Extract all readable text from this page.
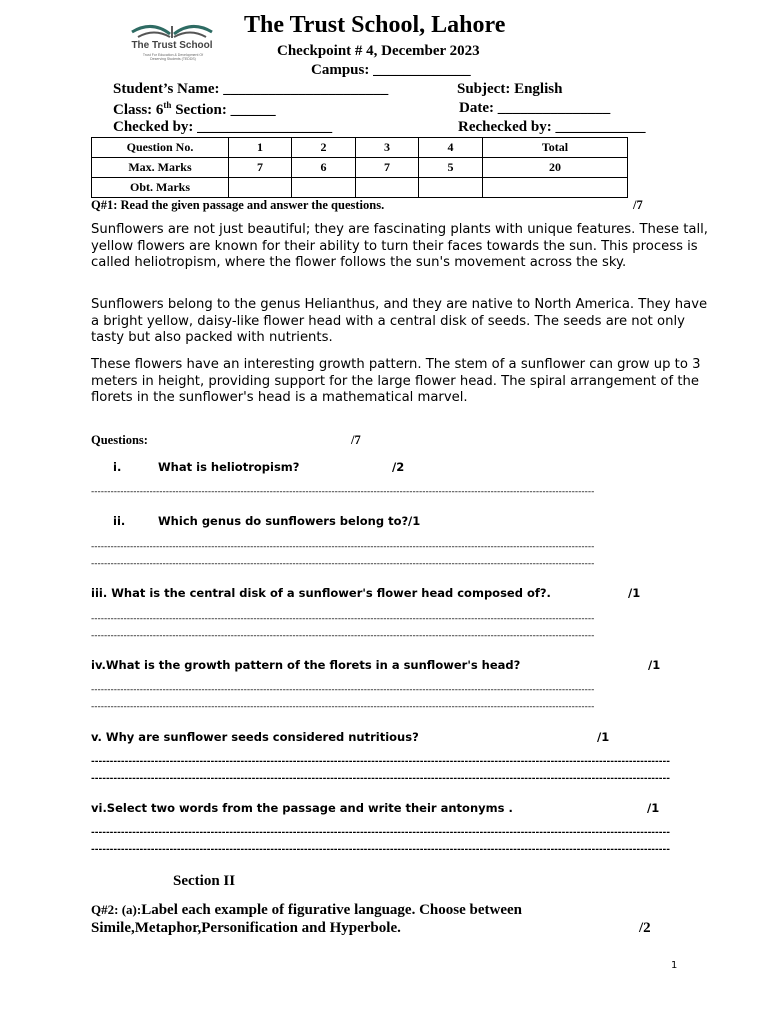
The Trust School
Trust For Education & Development Of Deserving Students (TEDDS)
The Trust School, Lahore
Checkpoint # 4, December 2023
Campus: _____________
Student’s Name: ______________________	Subject: English
Class: 6th Section: ______	Date: _______________
Checked by: __________________	Rechecked by: ____________
Question No.	1	2	3	4	Total
Max. Marks	7	6	7	5	20
Obt. Marks					
Q#1: Read the given passage and answer the questions.	/7
Sunflowers are not just beautiful; they are fascinating plants with unique features. These tall, yellow flowers are known for their ability to turn their faces towards the sun. This process is called heliotropism, where the flower follows the sun's movement across the sky.
Sunflowers belong to the genus Helianthus, and they are native to North America. They have a bright yellow, daisy-like flower head with a central disk of seeds. The seeds are not only tasty but also packed with nutrients.
These flowers have an interesting growth pattern. The stem of a sunflower can grow up to 3 meters in height, providing support for the large flower head. The spiral arrangement of the florets in the sunflower's head is a mathematical marvel.
Questions:	/7
i.	What is heliotropism?	/2
-----------------------------------------------------------------------------------------------------------------------------------------------------------
ii.	Which genus do sunflowers belong to? /1
-----------------------------------------------------------------------------------------------------------------------------------------------------------
-----------------------------------------------------------------------------------------------------------------------------------------------------------
iii. What is the central disk of a sunflower's flower head composed of?.	/1
-----------------------------------------------------------------------------------------------------------------------------------------------------------
-----------------------------------------------------------------------------------------------------------------------------------------------------------
iv.What is the growth pattern of the florets in a sunflower's head?	/1
-----------------------------------------------------------------------------------------------------------------------------------------------------------
-----------------------------------------------------------------------------------------------------------------------------------------------------------
v. Why are sunflower seeds considered nutritious?	/1
-----------------------------------------------------------------------------------------------------------------------------------------------------------
-----------------------------------------------------------------------------------------------------------------------------------------------------------
vi.Select two words from the passage and write their antonyms .	/1
-----------------------------------------------------------------------------------------------------------------------------------------------------------
-----------------------------------------------------------------------------------------------------------------------------------------------------------
Section II
Q#2: (a):Label each example of figurative language. Choose between
Simile,Metaphor,Personification and Hyperbole.	/2
1
